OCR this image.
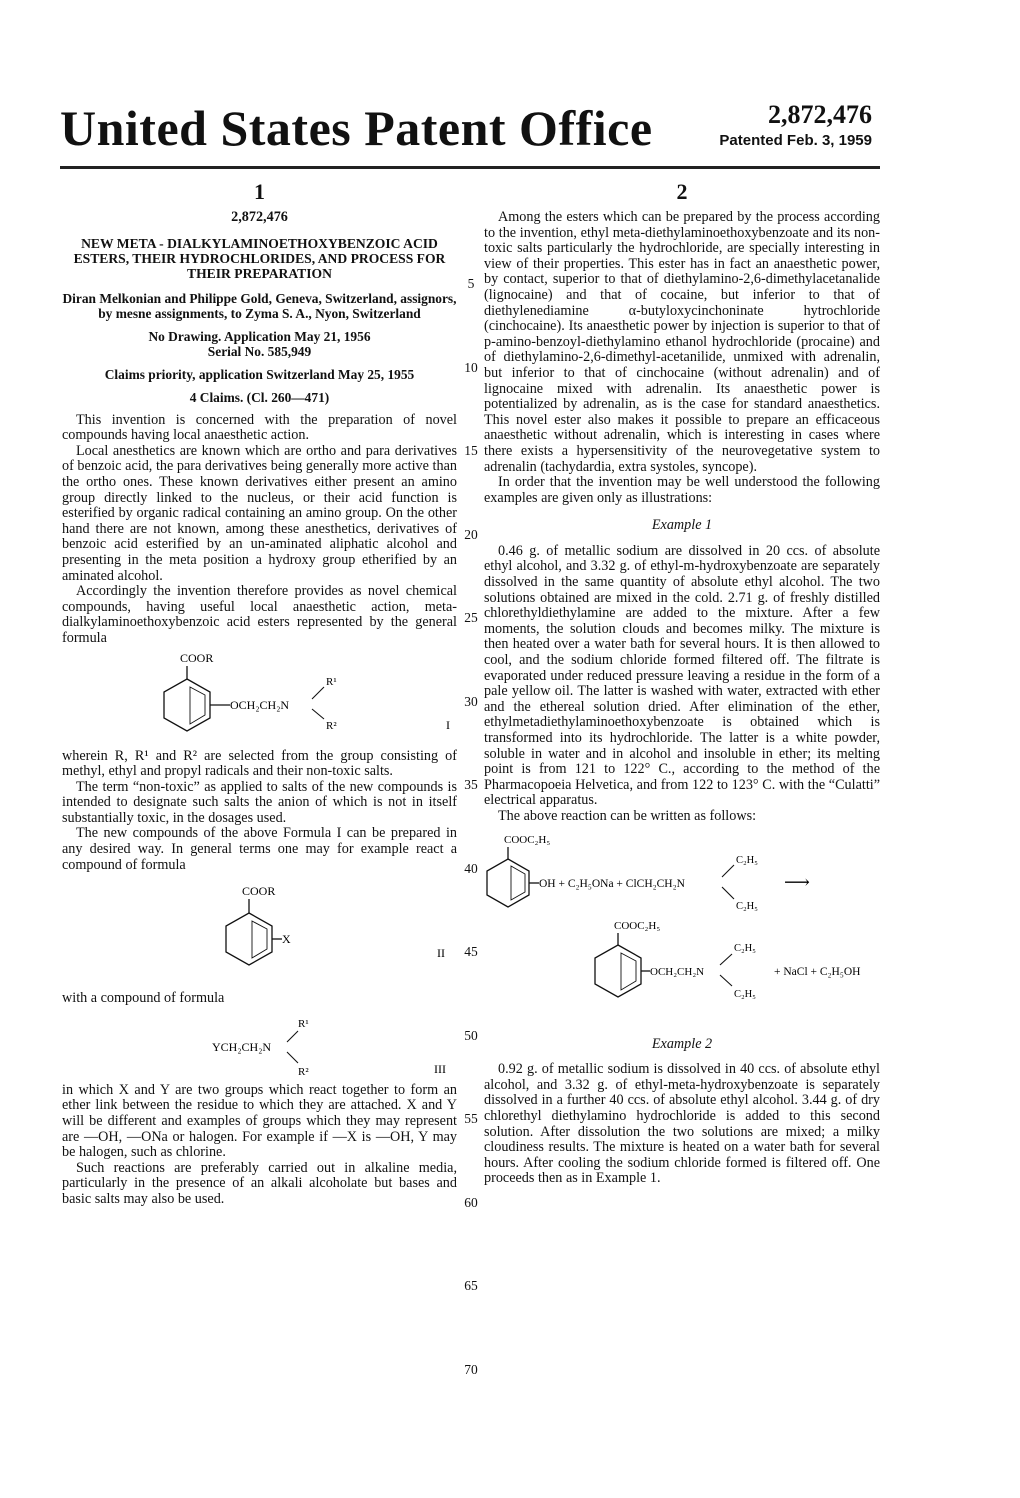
United States Patent Office	2,872,476
Patented Feb. 3, 1959
5
10
15
20
25
30
35
40
45
50
55
60
65
70
1

2,872,476

NEW META - DIALKYLAMINOETHOXYBENZOIC ACID ESTERS, THEIR HYDROCHLORIDES, AND PROCESS FOR THEIR PREPARATION
Diran Melkonian and Philippe Gold, Geneva, Switzerland, assignors, by mesne assignments, to Zyma S. A., Nyon, Switzerland
No Drawing. Application May 21, 1956
Serial No. 585,949
Claims priority, application Switzerland May 25, 1955
4 Claims. (Cl. 260—471)

This invention is concerned with the preparation of novel compounds having local anaesthetic action.

Local anesthetics are known which are ortho and para derivatives of benzoic acid, the para derivatives being generally more active than the ortho ones. These known derivatives either present an amino group directly linked to the nucleus, or their acid function is esterified by organic radical containing an amino group. On the other hand there are not known, among these anesthetics, derivatives of benzoic acid esterified by an un-aminated aliphatic alcohol and presenting in the meta position a hydroxy group etherified by an aminated alcohol.

Accordingly the invention therefore provides as novel chemical compounds, having useful local anaesthetic action, meta-dialkylaminoethoxybenzoic acid esters represented by the general formula

COOR
OCH₂CH₂N
R¹
R²	I

wherein R, R¹ and R² are selected from the group consisting of methyl, ethyl and propyl radicals and their non-toxic salts.

The term “non-toxic” as applied to salts of the new compounds is intended to designate such salts the anion of which is not in itself substantially toxic, in the dosages used.

The new compounds of the above Formula I can be prepared in any desired way. In general terms one may for example react a compound of formula

COOR
X
II

with a compound of formula

YCH₂CH₂N
R¹
R²	III

in which X and Y are two groups which react together to form an ether link between the residue to which they are attached. X and Y will be different and examples of groups which they may represent are —OH, —ONa or halogen. For example if —X is —OH, Y may be halogen, such as chlorine.

Such reactions are preferably carried out in alkaline media, particularly in the presence of an alkali alcoholate but bases and basic salts may also be used.

2

Among the esters which can be prepared by the process according to the invention, ethyl meta-diethylaminoethoxybenzoate and its non-toxic salts particularly the hydrochloride, are specially interesting in view of their properties. This ester has in fact an anaesthetic power, by contact, superior to that of diethylamino-2,6-dimethylacetanalide (lignocaine) and that of cocaine, but inferior to that of diethylenediamine α-butyloxycinchoninate hytrochloride (cinchocaine). Its anaesthetic power by injection is superior to that of p-amino-benzoyl-diethylamino ethanol hydrochloride (procaine) and of diethylamino-2,6-dimethyl-acetanilide, unmixed with adrenalin, but inferior to that of cinchocaine (without adrenalin) and of lignocaine mixed with adrenalin. Its anaesthetic power is potentialized by adrenalin, as is the case for standard anaesthetics. This novel ester also makes it possible to prepare an efficaceous anaesthetic without adrenalin, which is interesting in cases where there exists a hypersensitivity of the neurovegetative system to adrenalin (tachydardia, extra systoles, syncope).

In order that the invention may be well understood the following examples are given only as illustrations:

Example 1

0.46 g. of metallic sodium are dissolved in 20 ccs. of absolute ethyl alcohol, and 3.32 g. of ethyl-m-hydroxybenzoate are separately dissolved in the same quantity of absolute ethyl alcohol. The two solutions obtained are mixed in the cold. 2.71 g. of freshly distilled chlorethyldiethylamine are added to the mixture. After a few moments, the solution clouds and becomes milky. The mixture is then heated over a water bath for several hours. It is then allowed to cool, and the sodium chloride formed filtered off. The filtrate is evaporated under reduced pressure leaving a residue in the form of a pale yellow oil. The latter is washed with water, extracted with ether and the ethereal solution dried. After elimination of the ether, ethylmetadiethylaminoethoxybenzoate is obtained which is transformed into its hydrochloride. The latter is a white powder, soluble in water and in alcohol and insoluble in ether; its melting point is from 121 to 122° C., according to the method of the Pharmacopoeia Helvetica, and from 122 to 123° C. with the “Culatti” electrical apparatus.

The above reaction can be written as follows:

COOC₂H₅
OH + C₂H₅ONa + ClCH₂CH₂N
C₂H₅
C₂H₅
⟶
COOC₂H₅
OCH₂CH₂N
C₂H₅
C₂H₅
+ NaCl + C₂H₅OH
Example 2

0.92 g. of metallic sodium is dissolved in 40 ccs. of absolute ethyl alcohol, and 3.32 g. of ethyl-meta-hydroxybenzoate is separately dissolved in a further 40 ccs. of absolute ethyl alcohol. 3.44 g. of dry chlorethyl diethylamino hydrochloride is added to this second solution. After dissolution the two solutions are mixed; a milky cloudiness results. The mixture is heated on a water bath for several hours. After cooling the sodium chloride formed is filtered off. One proceeds then as in Example 1.
